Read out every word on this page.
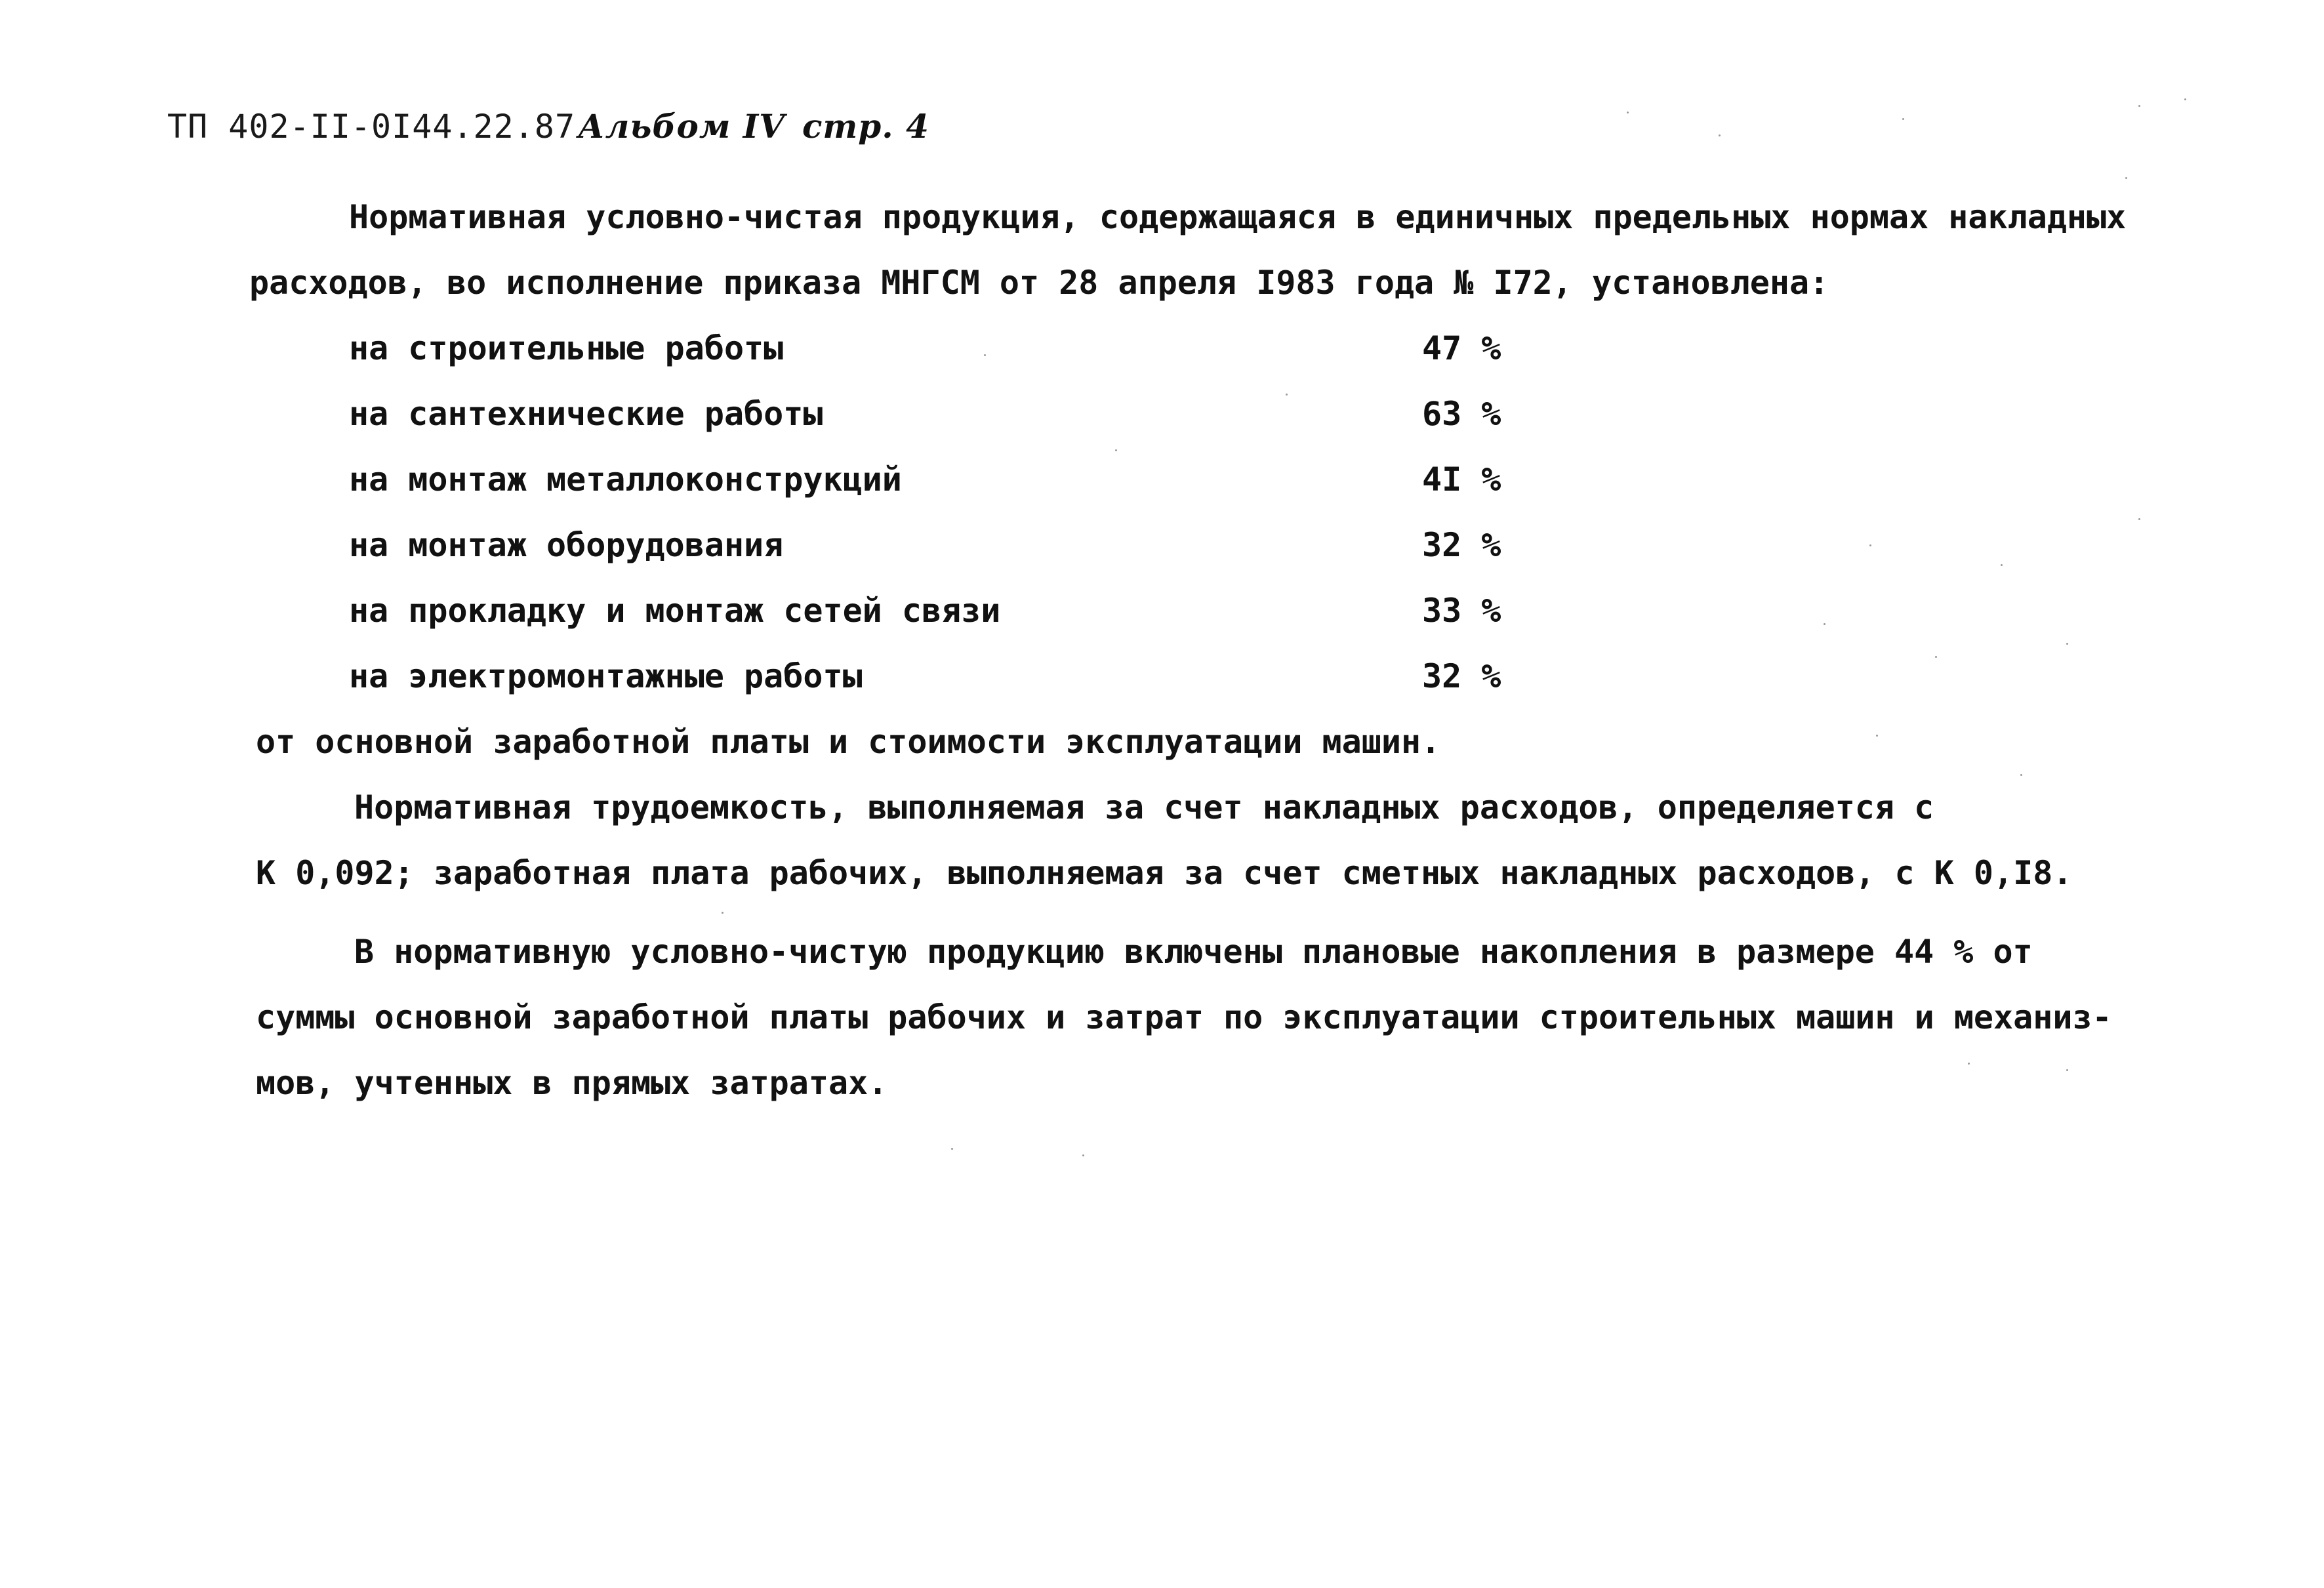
ТП 402-II-0I44.22.87Альбом IV стр. 4
Нормативная условно-чистая продукция, содержащаяся в единичных предельных нормах накладных
расходов, во исполнение приказа МНГСМ от 28 апреля I983 года № I72, установлена:
на строительные работы	47 %
на сантехнические работы	63 %
на монтаж металлоконструкций	4I %
на монтаж оборудования	32 %
на прокладку и монтаж сетей связи	33 %
на электромонтажные работы	32 %
от основной заработной платы и стоимости эксплуатации машин.
Нормативная трудоемкость, выполняемая за счет накладных расходов, определяется с
К 0,092; заработная плата рабочих, выполняемая за счет сметных накладных расходов, с К 0,I8.
В нормативную условно-чистую продукцию включены плановые накопления в размере 44 % от
суммы основной заработной платы рабочих и затрат по эксплуатации строительных машин и механиз-
мов, учтенных в прямых затратах.
